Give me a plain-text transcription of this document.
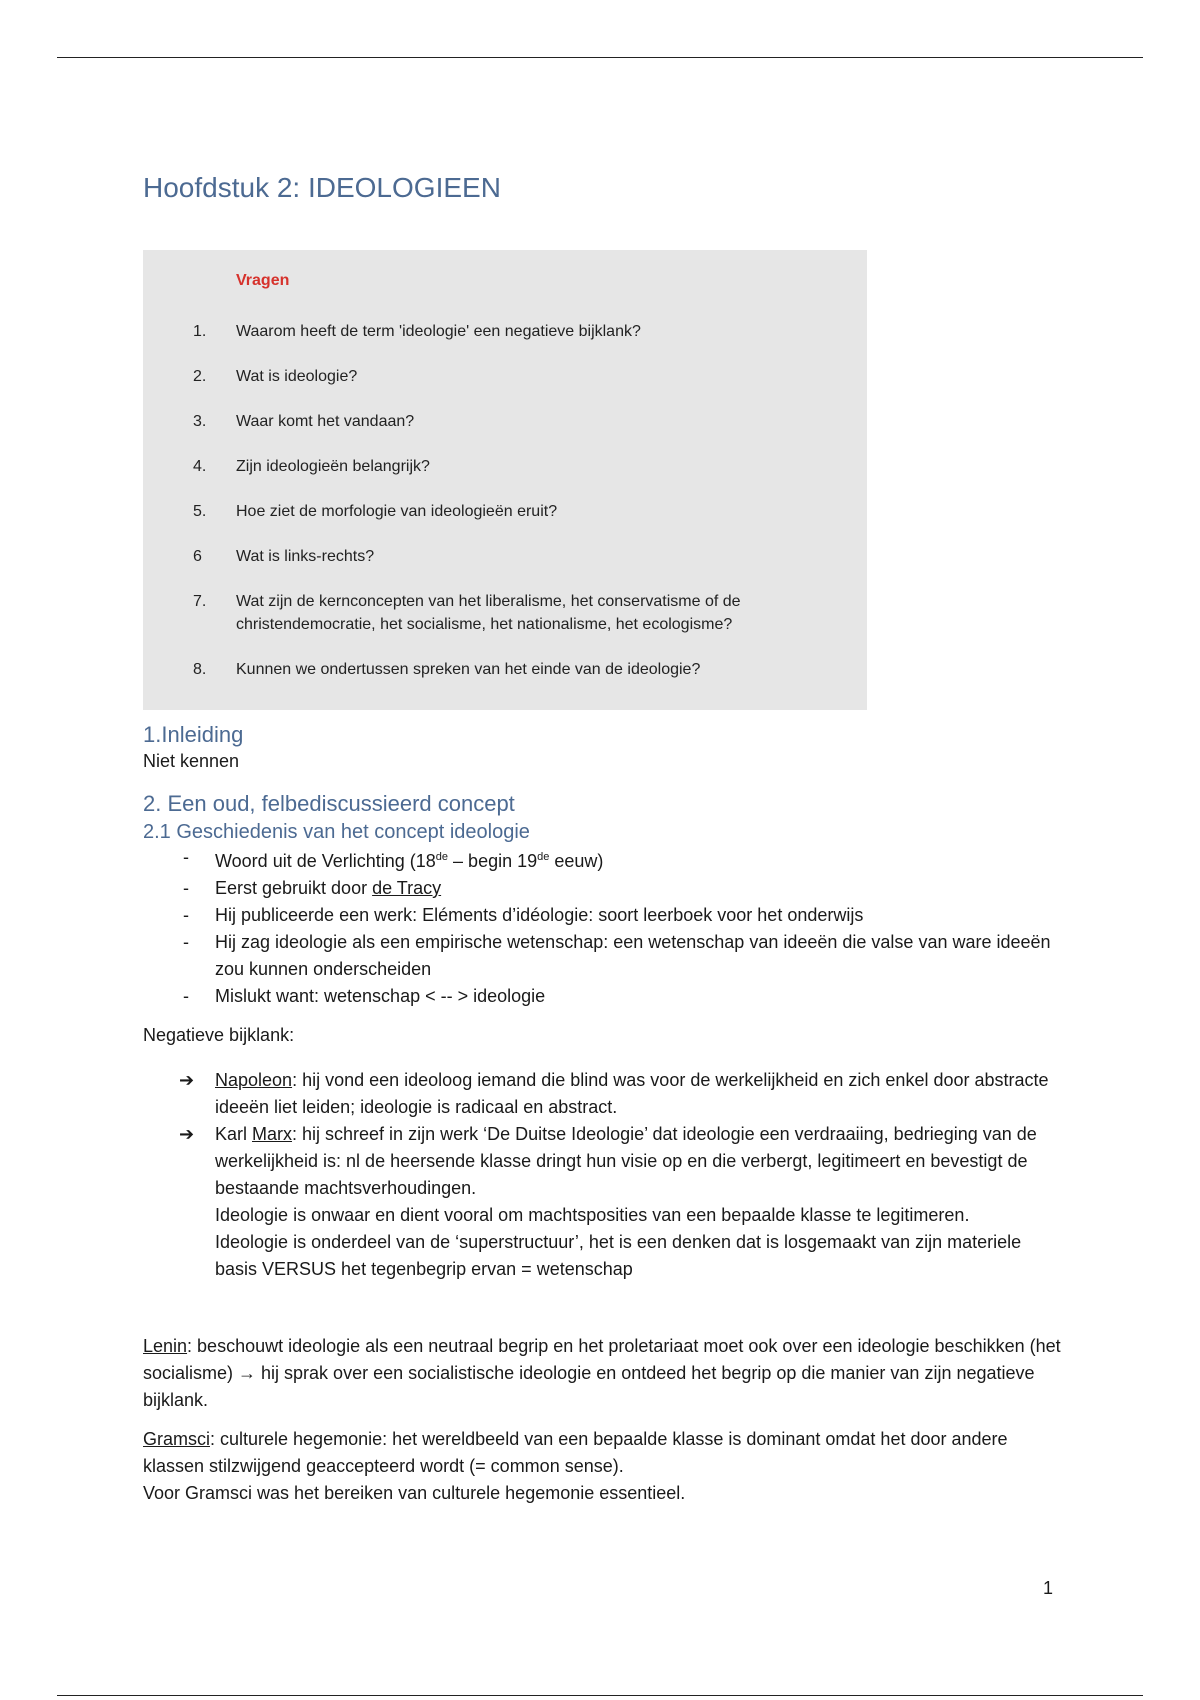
Hoofdstuk 2: IDEOLOGIEEN
Vragen
1.	Waarom heeft de term 'ideologie' een negatieve bijklank?
2.	Wat is ideologie?
3.	Waar komt het vandaan?
4.	Zijn ideologieën belangrijk?
5.	Hoe ziet de morfologie van ideologieën eruit?
6	Wat is links-rechts?
7.	Wat zijn de kernconcepten van het liberalisme, het conservatisme of de christendemocratie, het socialisme, het nationalisme, het ecologisme?
8.	Kunnen we ondertussen spreken van het einde van de ideologie?
1.Inleiding

Niet kennen

2. Een oud, felbediscussieerd concept
2.1 Geschiedenis van het concept ideologie
-	Woord uit de Verlichting (18de – begin 19de eeuw)
-	Eerst gebruikt door de Tracy
-	Hij publiceerde een werk: Eléments d’idéologie: soort leerboek voor het onderwijs
-	Hij zag ideologie als een empirische wetenschap: een wetenschap van ideeën die valse van ware ideeën zou kunnen onderscheiden
-	Mislukt want: wetenschap < -- > ideologie

Negatieve bijklank:

➔	Napoleon: hij vond een ideoloog iemand die blind was voor de werkelijkheid en zich enkel door abstracte ideeën liet leiden; ideologie is radicaal en abstract.
➔	Karl Marx: hij schreef in zijn werk ‘De Duitse Ideologie’ dat ideologie een verdraaiing, bedrieging van de werkelijkheid is: nl de heersende klasse dringt hun visie op en die verbergt, legitimeert en bevestigt de bestaande machtsverhoudingen.
Ideologie is onwaar en dient vooral om machtsposities van een bepaalde klasse te legitimeren.
Ideologie is onderdeel van de ‘superstructuur’, het is een denken dat is losgemaakt van zijn materiele basis VERSUS het tegenbegrip ervan = wetenschap

Lenin: beschouwt ideologie als een neutraal begrip en het proletariaat moet ook over een ideologie beschikken (het socialisme) → hij sprak over een socialistische ideologie en ontdeed het begrip op die manier van zijn negatieve bijklank.

Gramsci: culturele hegemonie: het wereldbeeld van een bepaalde klasse is dominant omdat het door andere klassen stilzwijgend geaccepteerd wordt (= common sense).
Voor Gramsci was het bereiken van culturele hegemonie essentieel.

1
